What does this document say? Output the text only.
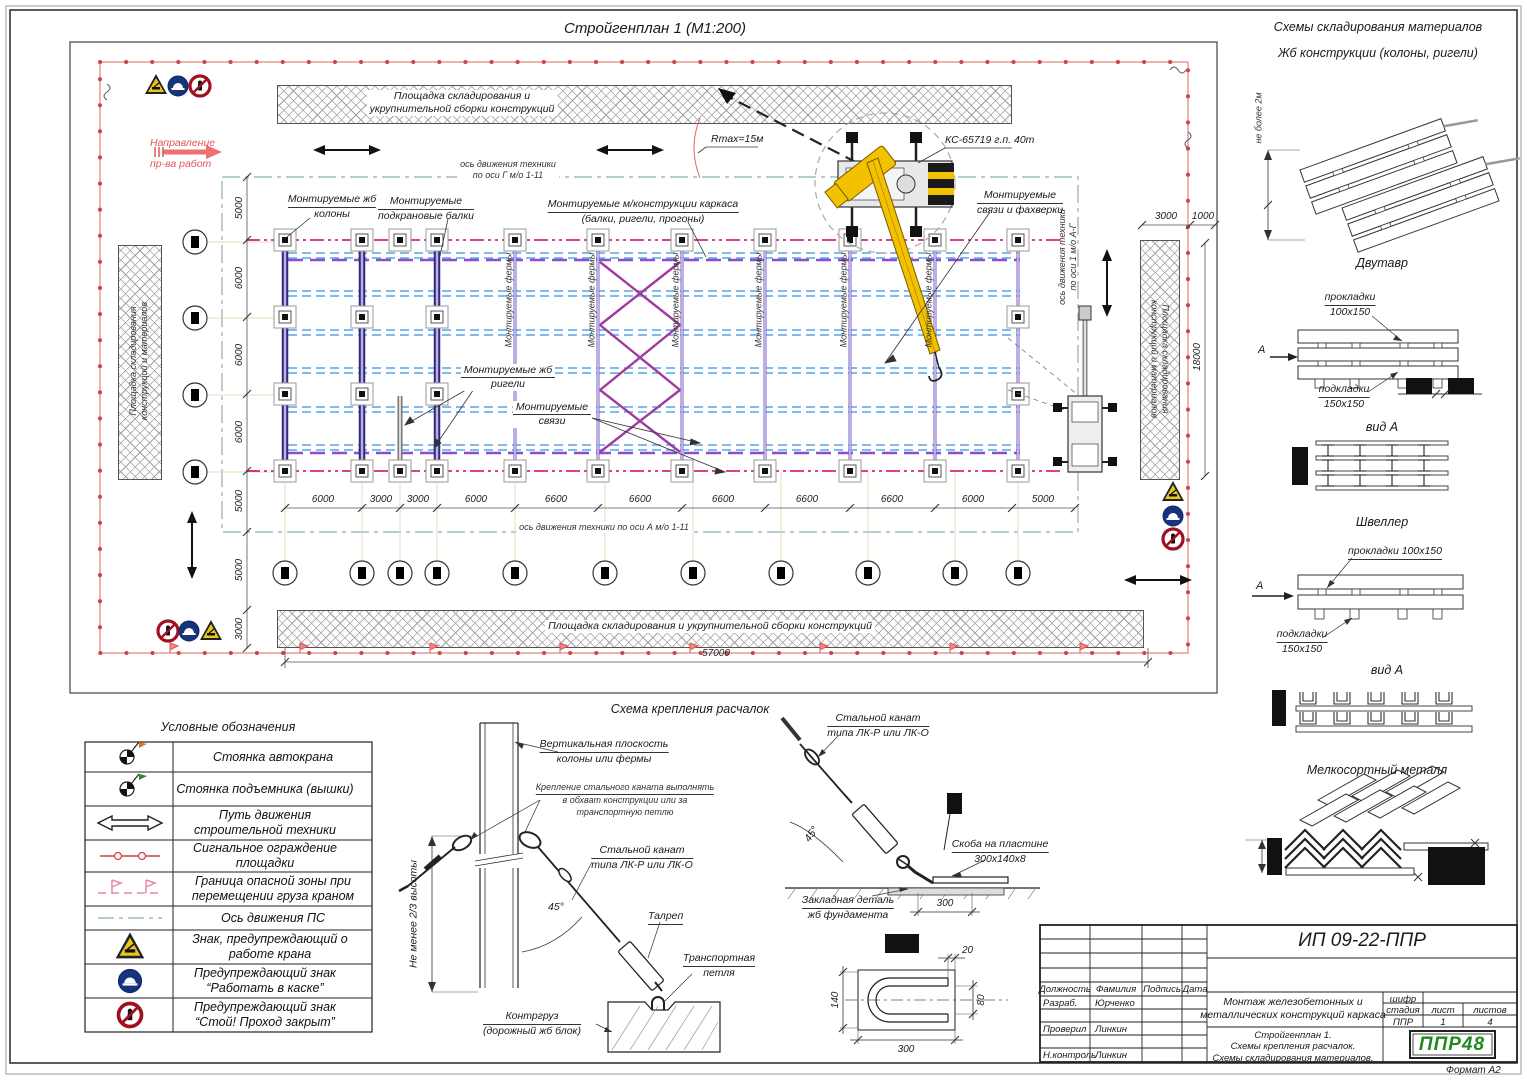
Стройгенплан 1 (М1:200)
Площадка складирования и
укрупнительной сборки конструкций
Площадка складирования и укрупнительной сборки конструкций
Площадка складирования конструкций и материалов	Площадка складирования
конструкций и материалов
Направление
пр-ва работ	ось движения техники
по оси Г м/о 1-11
ось движения техники по оси А м/о 1-11
ось движения техники по оси 1 м/о А-Г
КС-65719 г.п. 40т
Rmax=15м
Монтируемые жб
колоны
Монтируемые
подкрановые балки
Монтируемые м/конструкции каркаса
(балки, ригели, прогоны)
Монтируемые
связи и фахверки
Монтируемые жб
ригели
Монтируемые
связи
Монтируемые фермы	Монтируемые фермы	Монтируемые фермы	Монтируемые фермы	Монтируемые фермы	Монтируемые фермы
5000
6000
6000
6000
5000
5000
3000
6000	3000 3000	6000	6600	6600	6600	6600	6600	6000	5000
57000
3000 1000
18000
Схемы складирования материалов
Жб конструкции (колоны, ригели)
не более 2м
Двутавр
прокладки
100х150
подкладки
150х150
А
вид А
Швеллер
прокладки 100х150
А
подкладки
150х150
вид А
Мелкосортный металл
Условные обозначения
Стоянка автокрана
Стоянка подъемника (вышки)
Путь движения строительной техники
Сигнальное ограждение площадки
Граница опасной зоны при перемещении груза краном
Ось движения ПС
Знак, предупреждающий о работе крана
Предупреждающий знак “Работать в каске”
Предупреждающий знак “Стой! Проход закрыт”
Схема крепления расчалок
Вертикальная плоскость
колоны или фермы
Крепление стального каната выполнять
в обхват конструкции или за
транспортную петлю
Стальной канат
типа ЛК-Р или ЛК-О
45°
Талреп
Транспортная
петля
Контргруз
(дорожный жб блок)
Не менее 2/3 высоты
Стальной канат
типа ЛК-Р или ЛК-О
45°	Скоба на пластине
300х140х8
Закладная деталь
жб фундамента
300
140
300
20
80
ИП 09-22-ППР
Должность Фамилия Подпись Дата
Разраб. Юрченко
Проверил Линкин
Н.контроль
Линкин
Монтаж железобетонных и
металлических конструкций каркаса
Стройгенплан 1.
Схемы крепления расчалок.
Схемы складирования материалов.
шифр
стадия лист листов
ППР	1	4
ППР48
Формат А2
